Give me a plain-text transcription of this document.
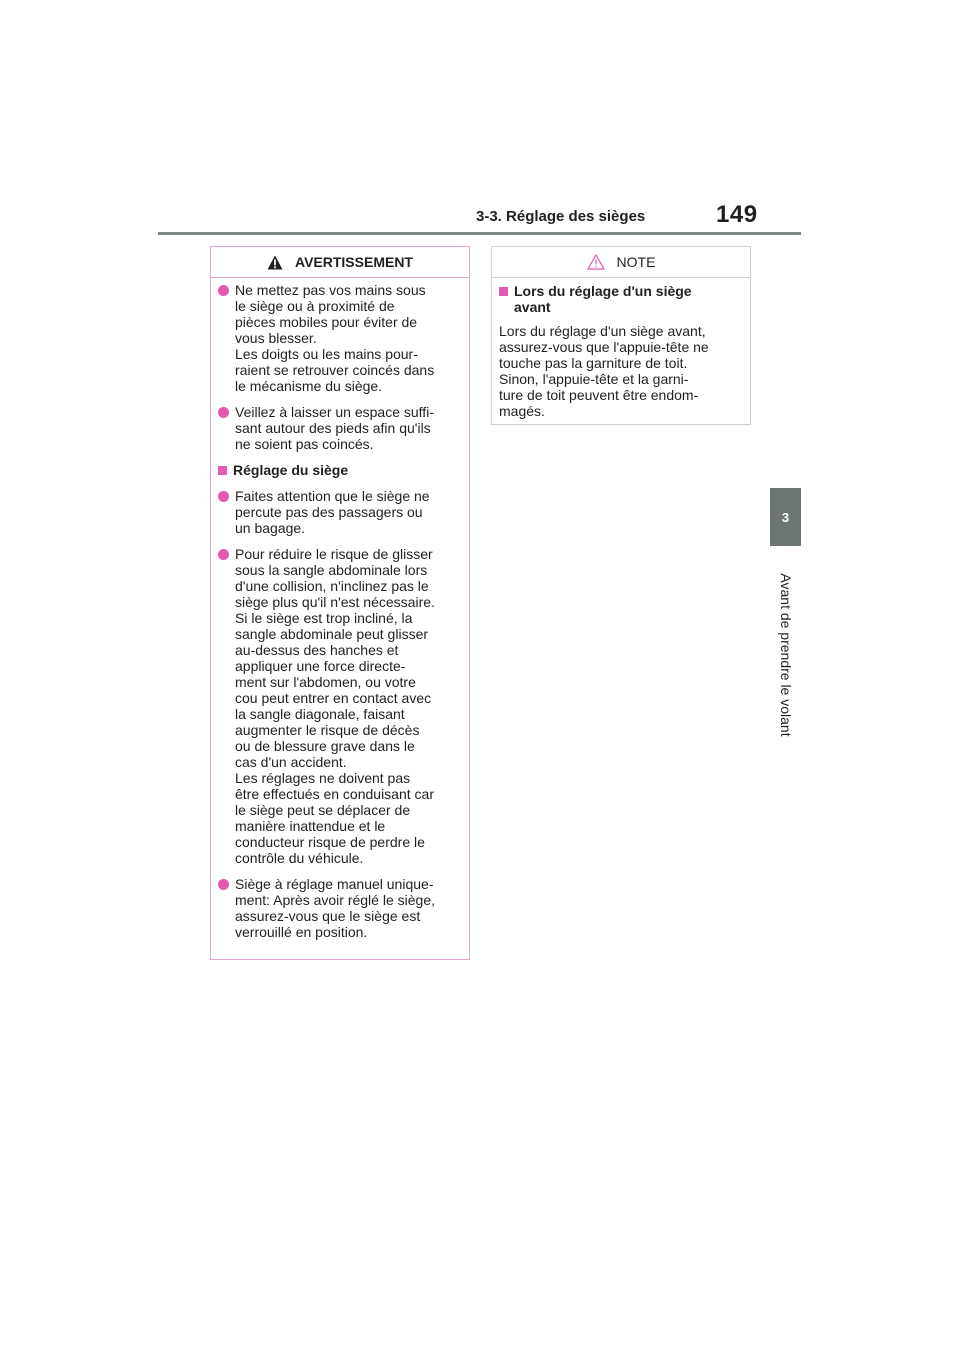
3-3. Réglage des sièges	149
3
Avant de prendre le volant
AVERTISSEMENT
Ne mettez pas vos mains sous
le siège ou à proximité de
pièces mobiles pour éviter de
vous blesser.
Les doigts ou les mains pour-
raient se retrouver coincés dans
le mécanisme du siège.
Veillez à laisser un espace suffi-
sant autour des pieds afin qu'ils
ne soient pas coincés.
Réglage du siège
Faites attention que le siège ne
percute pas des passagers ou
un bagage.
Pour réduire le risque de glisser
sous la sangle abdominale lors
d'une collision, n'inclinez pas le
siège plus qu'il n'est nécessaire.
Si le siège est trop incliné, la
sangle abdominale peut glisser
au-dessus des hanches et
appliquer une force directe-
ment sur l'abdomen, ou votre
cou peut entrer en contact avec
la sangle diagonale, faisant
augmenter le risque de décès
ou de blessure grave dans le
cas d'un accident.
Les réglages ne doivent pas
être effectués en conduisant car
le siège peut se déplacer de
manière inattendue et le
conducteur risque de perdre le
contrôle du véhicule.
Siège à réglage manuel unique-
ment: Après avoir réglé le siège,
assurez-vous que le siège est
verrouillé en position.
NOTE
Lors du réglage d'un siège
avant
Lors du réglage d'un siège avant,
assurez-vous que l'appuie-tête ne
touche pas la garniture de toit.
Sinon, l'appuie-tête et la garni-
ture de toit peuvent être endom-
magés.
